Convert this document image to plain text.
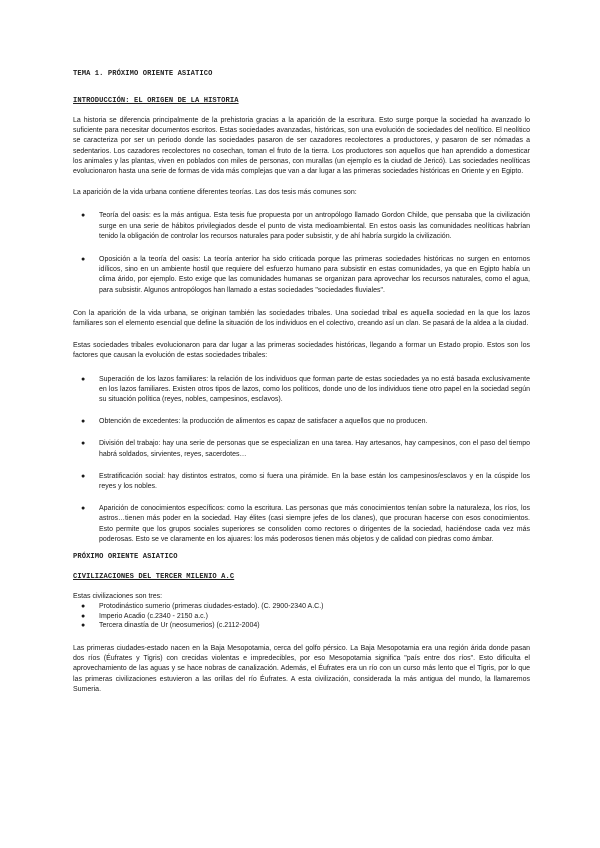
TEMA 1. PRÓXIMO ORIENTE ASIATICO
INTRODUCCIÓN: EL ORIGEN DE LA HISTORIA

La historia se diferencia principalmente de la prehistoria gracias a la aparición de la escritura. Esto surge porque la sociedad ha avanzado lo suficiente para necesitar documentos escritos. Estas sociedades avanzadas, históricas, son una evolución de sociedades del neolítico. El neolítico se caracteriza por ser un periodo donde las sociedades pasaron de ser cazadores recolectores a productores, y pasaron de ser nómadas a sedentarios. Los cazadores recolectores no cosechan, toman el fruto de la tierra. Los productores son aquellos que han aprendido a domesticar los animales y las plantas, viven en poblados con miles de personas, con murallas (un ejemplo es la ciudad de Jericó). Las sociedades neolíticas evolucionaron hasta una serie de formas de vida más complejas que van a dar lugar a las primeras sociedades históricas en Oriente y en Egipto.

La aparición de la vida urbana contiene diferentes teorías. Las dos tesis más comunes son:

● Teoría del oasis: es la más antigua. Esta tesis fue propuesta por un antropólogo llamado Gordon Childe, que pensaba que la civilización surge en una serie de hábitos privilegiados desde el punto de vista medioambiental. En estos oasis las comunidades neolíticas habrían tenido la obligación de controlar los recursos naturales para poder subsistir, y de ahí habría surgido la civilización.
● Oposición a la teoría del oasis: La teoría anterior ha sido criticada porque las primeras sociedades históricas no surgen en entornos idílicos, sino en un ambiente hostil que requiere del esfuerzo humano para subsistir en estas comunidades, ya que en Egipto había un clima árido, por ejemplo. Esto exige que las comunidades humanas se organizan para aprovechar los recursos naturales, como el agua, para subsistir. Algunos antropólogos han llamado a estas sociedades "sociedades fluviales".

Con la aparición de la vida urbana, se originan también las sociedades tribales. Una sociedad tribal es aquella sociedad en la que los lazos familiares son el elemento esencial que define la situación de los individuos en el colectivo, creando así un clan. Se pasará de la aldea a la ciudad.

Estas sociedades tribales evolucionaron para dar lugar a las primeras sociedades históricas, llegando a formar un Estado propio. Estos son los factores que causan la evolución de estas sociedades tribales:

● Superación de los lazos familiares: la relación de los individuos que forman parte de estas sociedades ya no está basada exclusivamente en los lazos familiares. Existen otros tipos de lazos, como los políticos, donde uno de los individuos tiene otro papel en la sociedad según su situación política (reyes, nobles, campesinos, esclavos).
● Obtención de excedentes: la producción de alimentos es capaz de satisfacer a aquellos que no producen.
● División del trabajo: hay una serie de personas que se especializan en una tarea. Hay artesanos, hay campesinos, con el paso del tiempo habrá soldados, sirvientes, reyes, sacerdotes…
● Estratificación social: hay distintos estratos, como si fuera una pirámide. En la base están los campesinos/esclavos y en la cúspide los reyes y los nobles.
● Aparición de conocimientos específicos: como la escritura. Las personas que más conocimientos tenían sobre la naturaleza, los ríos, los astros…tienen más poder en la sociedad. Hay élites (casi siempre jefes de los clanes), que procuran hacerse con esos conocimientos. Esto permite que los grupos sociales superiores se consoliden como rectores o dirigentes de la sociedad, haciéndose cada vez más poderosas. Esto se ve claramente en los ajuares: los más poderosos tienen más objetos y de calidad con piedras como ámbar.
PRÓXIMO ORIENTE ASIATICO
CIVILIZACIONES DEL TERCER MILENIO A.C

Estas civilizaciones son tres:

● Protodinástico sumerio (primeras ciudades-estado). (C. 2900-2340 A.C.)
● Imperio Acadio (c.2340 - 2150 a.c.)
● Tercera dinastía de Ur (neosumerios) (c.2112-2004)

Las primeras ciudades-estado nacen en la Baja Mesopotamia, cerca del golfo pérsico. La Baja Mesopotamia era una región árida donde pasan dos ríos (Éufrates y Tigris) con crecidas violentas e impredecibles, por eso Mesopotamia significa "país entre dos ríos". Esto dificulta el aprovechamiento de las aguas y se hace nobras de canalización. Además, el Éufrates era un río con un curso más lento que el Tigris, por lo que las primeras civilizaciones estuvieron a las orillas del río Éufrates. A esta civilización, considerada la más antigua del mundo, la llamaremos Sumeria.
